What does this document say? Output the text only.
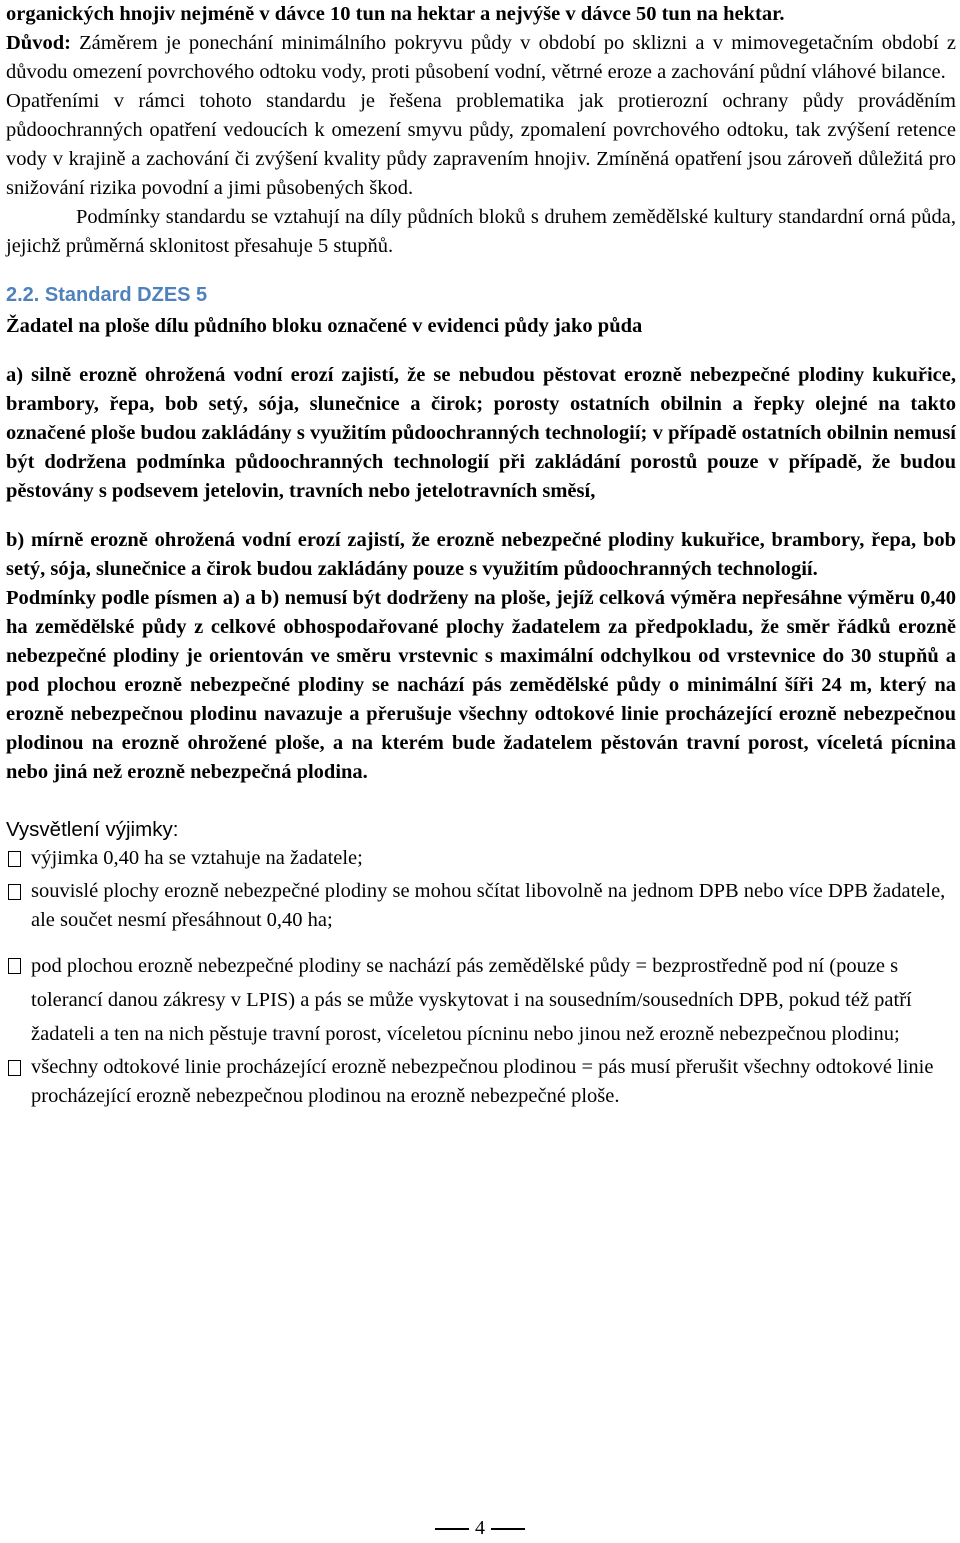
organických hnojiv nejméně v dávce 10 tun na hektar a nejvýše v dávce 50 tun na hektar.

Důvod: Záměrem je ponechání minimálního pokryvu půdy v období po sklizni a v mimovegetačním období z důvodu omezení povrchového odtoku vody, proti působení vodní, větrné eroze a zachování půdní vláhové bilance.

Opatřeními v rámci tohoto standardu je řešena problematika jak protierozní ochrany půdy prováděním půdoochranných opatření vedoucích k omezení smyvu půdy, zpomalení povrchového odtoku, tak zvýšení retence vody v krajině a zachování či zvýšení kvality půdy zapravením hnojiv. Zmíněná opatření jsou zároveň důležitá pro snižování rizika povodní a jimi působených škod.

Podmínky standardu se vztahují na díly půdních bloků s druhem zemědělské kultury standardní orná půda, jejichž průměrná sklonitost přesahuje 5 stupňů.

2.2. Standard DZES 5

Žadatel na ploše dílu půdního bloku označené v evidenci půdy jako půda

a) silně erozně ohrožená vodní erozí zajistí, že se nebudou pěstovat erozně nebezpečné plodiny kukuřice, brambory, řepa, bob setý, sója, slunečnice a čirok; porosty ostatních obilnin a řepky olejné na takto označené ploše budou zakládány s využitím půdoochranných technologií; v případě ostatních obilnin nemusí být dodržena podmínka půdoochranných technologií při zakládání porostů pouze v případě, že budou pěstovány s podsevem jetelovin, travních nebo jetelotravních směsí,

b) mírně erozně ohrožená vodní erozí zajistí, že erozně nebezpečné plodiny kukuřice, brambory, řepa, bob setý, sója, slunečnice a čirok budou zakládány pouze s využitím půdoochranných technologií.

Podmínky podle písmen a) a b) nemusí být dodrženy na ploše, jejíž celková výměra nepřesáhne výměru 0,40 ha zemědělské půdy z celkové obhospodařované plochy žadatelem za předpokladu, že směr řádků erozně nebezpečné plodiny je orientován ve směru vrstevnic s maximální odchylkou od vrstevnice do 30 stupňů a pod plochou erozně nebezpečné plodiny se nachází pás zemědělské půdy o minimální šíři 24 m, který na erozně nebezpečnou plodinu navazuje a přerušuje všechny odtokové linie procházející erozně nebezpečnou plodinou na erozně ohrožené ploše, a na kterém bude žadatelem pěstován travní porost, víceletá pícnina nebo jiná než erozně nebezpečná plodina.

Vysvětlení výjimky:

výjimka 0,40 ha se vztahuje na žadatele;
souvislé plochy erozně nebezpečné plodiny se mohou sčítat libovolně na jednom DPB nebo více DPB žadatele, ale součet nesmí přesáhnout 0,40 ha;
pod plochou erozně nebezpečné plodiny se nachází pás zemědělské půdy = bezprostředně pod ní (pouze s tolerancí danou zákresy v LPIS) a pás se může vyskytovat i na sousedním/sousedních DPB, pokud též patří žadateli a ten na nich pěstuje travní porost, víceletou pícninu nebo jinou než erozně nebezpečnou plodinu;
všechny odtokové linie procházející erozně nebezpečnou plodinou = pás musí přerušit všechny odtokové linie procházející erozně nebezpečnou plodinou na erozně nebezpečné ploše.
4
